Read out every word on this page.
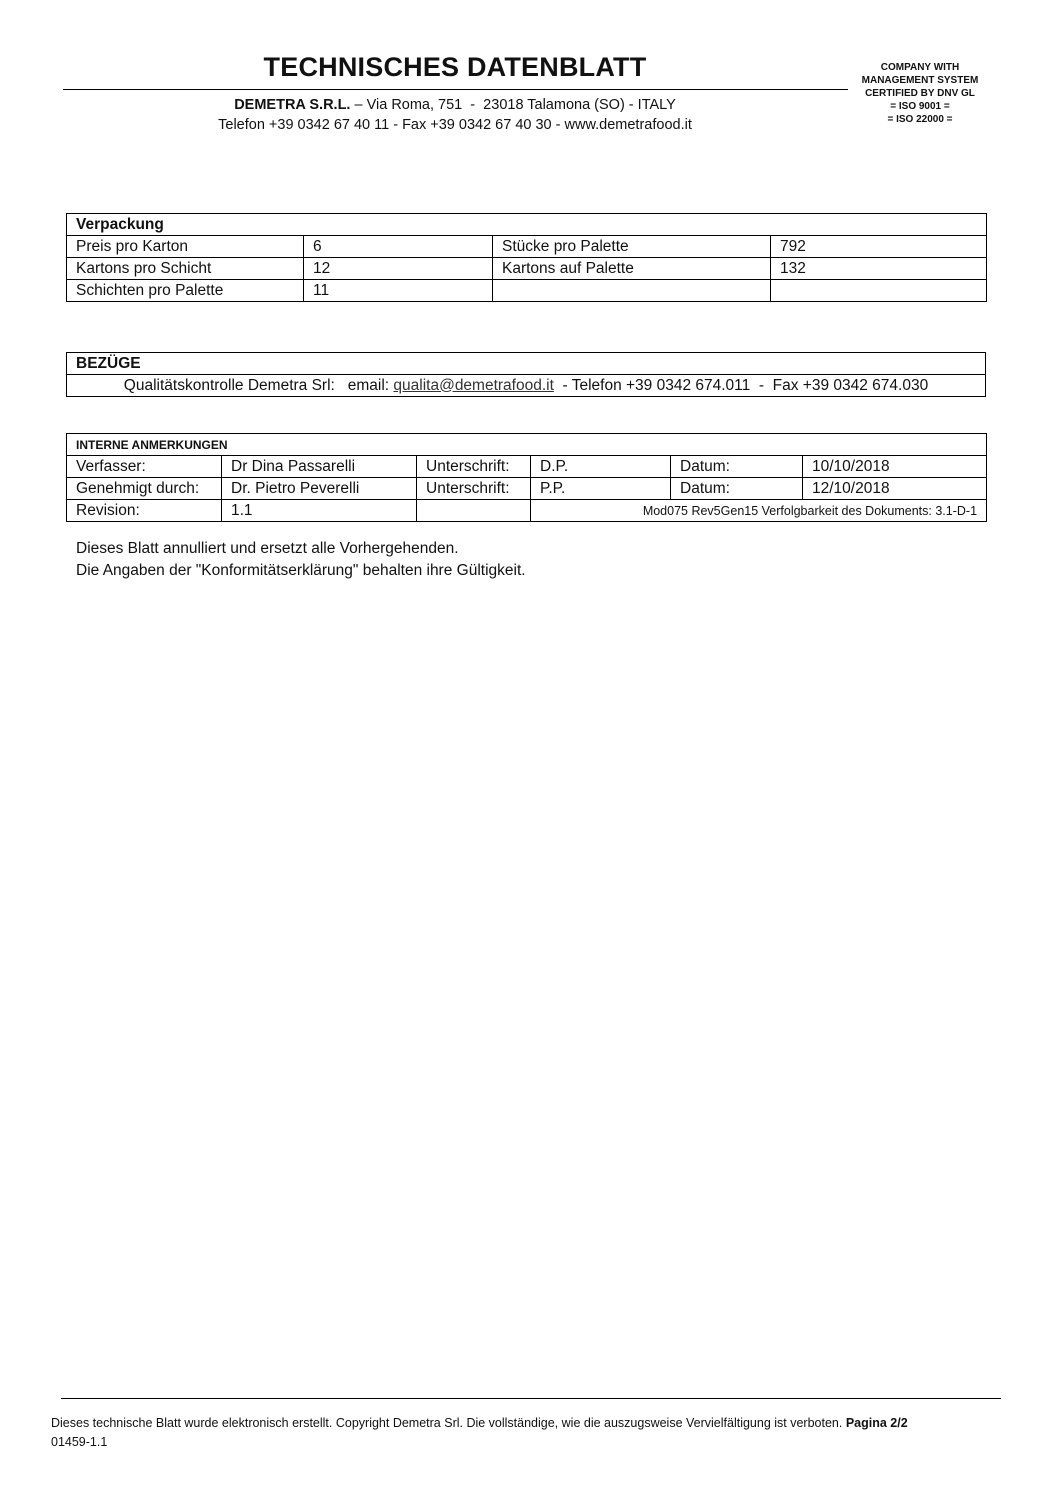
TECHNISCHES DATENBLATT
DEMETRA S.R.L. – Via Roma, 751  -  23018 Talamona (SO) - ITALY
Telefon +39 0342 67 40 11 - Fax +39 0342 67 40 30 - www.demetrafood.it
COMPANY WITH
MANAGEMENT SYSTEM
CERTIFIED BY DNV GL
= ISO 9001 =
= ISO 22000 =
Verpackung			
Preis pro Karton	6	Stücke pro Palette	792
Kartons pro Schicht	12	Kartons auf Palette	132
Schichten pro Palette	11		
BEZÜGE
Qualitätskontrolle Demetra Srl:   email: qualita@demetrafood.it  - Telefon +39 0342 674.011  -  Fax +39 0342 674.030
INTERNE ANMERKUNGEN					
Verfasser:	Dr Dina Passarelli	Unterschrift:	D.P.	Datum:	10/10/2018
Genehmigt durch:	Dr. Pietro Peverelli	Unterschrift:	P.P.	Datum:	12/10/2018
Revision:	1.1		Mod075 Rev5Gen15 Verfolgbarkeit des Dokuments: 3.1-D-1		
Dieses Blatt annulliert und ersetzt alle Vorhergehenden.
Die Angaben der "Konformitätserklärung" behalten ihre Gültigkeit.
Dieses technische Blatt wurde elektronisch erstellt. Copyright Demetra Srl. Die vollständige, wie die auszugsweise Vervielfältigung ist verboten. Pagina 2/2
01459-1.1
